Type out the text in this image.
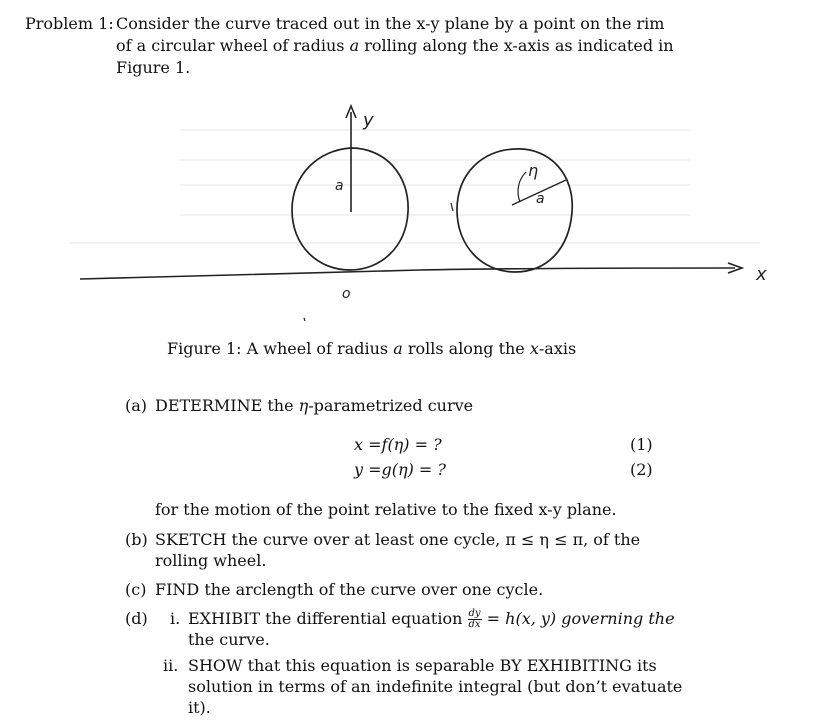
Problem 1: Consider the curve traced out in the x-y plane by a point on the rim
of a circular wheel of radius a rolling along the x-axis as indicated in
Figure 1.
x
y
a
o
η
a
Figure 1: A wheel of radius a rolls along the x-axis
(a) DETERMINE the η-parametrized curve
x =f(η) = ?	(1)
y =g(η) = ?	(2)
for the motion of the point relative to the fixed x-y plane.
(b) SKETCH the curve over at least one cycle, π ≤ η ≤ π, of the
rolling wheel.
(c) FIND the arclength of the curve over one cycle.
(d) i. EXHIBIT the differential equation $\frac{dy}{dx} = h(x$, y) governing the
the curve.
ii. SHOW that this equation is separable BY EXHIBITING its
solution in terms of an indefinite integral (but don’t evatuate
it).
